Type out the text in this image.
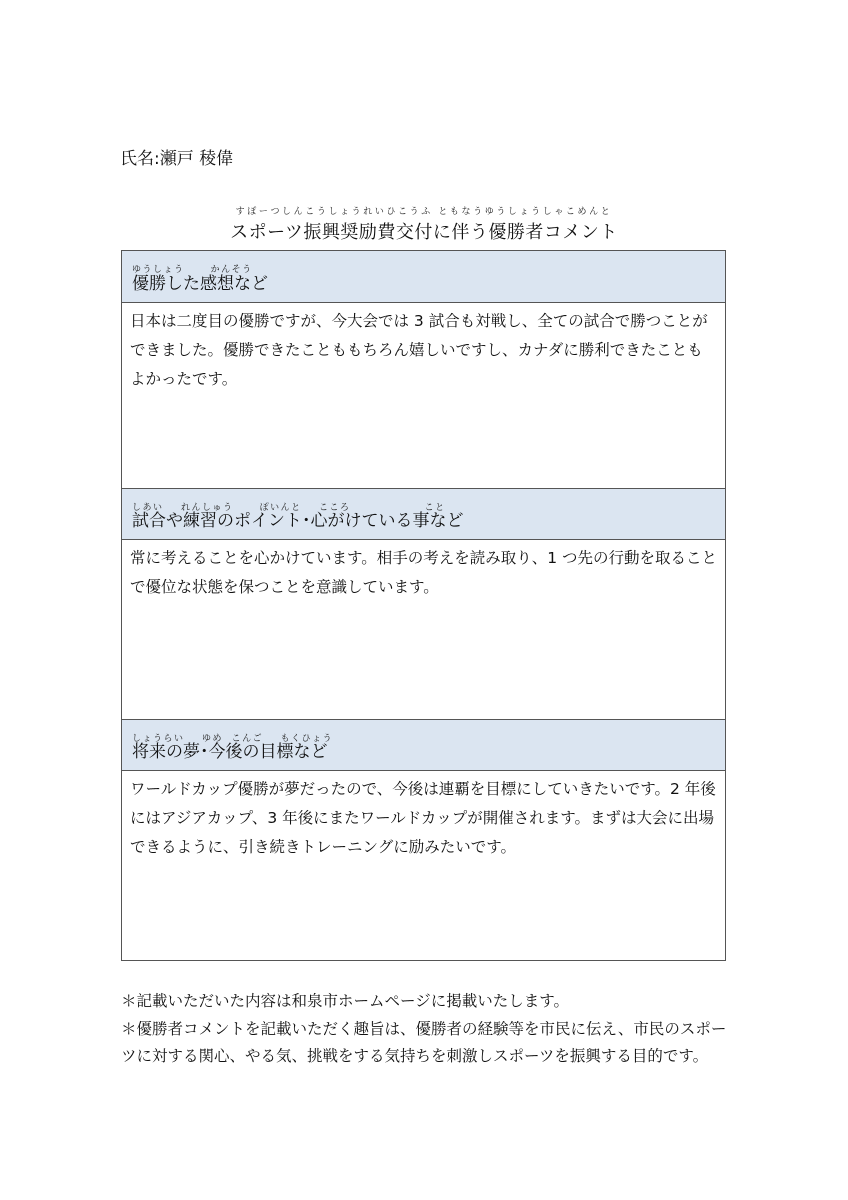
氏名:瀬戸 稜偉
すぽーつしんこうしょうれいひこうふ ともなうゆうしょうしゃこめんと
スポーツ振興奨励費交付に伴う優勝者コメント
ゆうしょう      かんそう
優勝した感想など
日本は二度目の優勝ですが、今大会では 3 試合も対戦し、全ての試合で勝つことができました。優勝できたことももちろん嬉しいですし、カナダに勝利できたこともよかったです。
しあい    れんしゅう      ぽいんと    こころ                 こと
試合や練習のポイント･心がけている事など
常に考えることを心かけています。相手の考えを読み取り、1 つ先の行動を取ることで優位な状態を保つことを意識しています。
しょうらい    ゆめ  こんご    もくひょう
将来の夢･今後の目標など
ワールドカップ優勝が夢だったので、今後は連覇を目標にしていきたいです。2 年後にはアジアカップ、3 年後にまたワールドカップが開催されます。まずは大会に出場できるように、引き続きトレーニングに励みたいです。

＊記載いただいた内容は和泉市ホームページに掲載いたします。

＊優勝者コメントを記載いただく趣旨は、優勝者の経験等を市民に伝え、市民のスポーツに対する関心、やる気、挑戦をする気持ちを刺激しスポーツを振興する目的です。
